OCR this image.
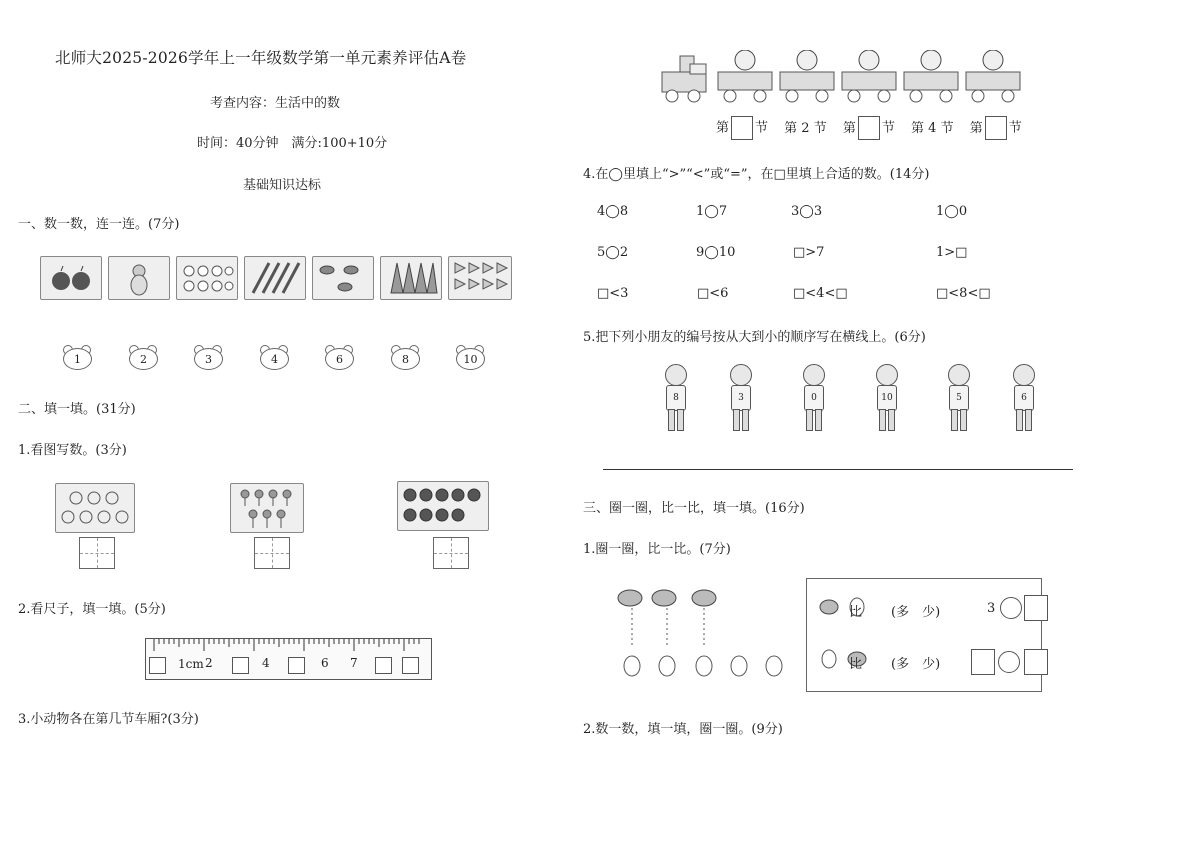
北师大2025-2026学年上一年级数学第一单元素养评估A卷
考查内容：生活中的数
时间：40分钟　满分:100+10分
基础知识达标
一、数一数，连一连。(7分)
1	2	3	4	6	8	10
二、填一填。(31分)
1.看图写数。(3分)
2.看尺子，填一填。(5分)
1cm 2	4	6 7
3.小动物各在第几节车厢?(3分)
第 节 第 2 节 第 节 第 4 节 第 节
4.在◯里填上“>”“<”或“=”，在□里填上合适的数。(14分)
4◯8	1◯7	3◯3	1◯0
5◯2	9◯10	□>7	1>□
□<3	□<6	□<4<□	□<8<□
5.把下列小朋友的编号按从大到小的顺序写在横线上。(6分)
8	3	0	10	5	6
三、圈一圈，比一比，填一填。(16分)
1.圈一圈，比一比。(7分)
比 (多　少)	3
比 (多　少)
2.数一数，填一填，圈一圈。(9分)
